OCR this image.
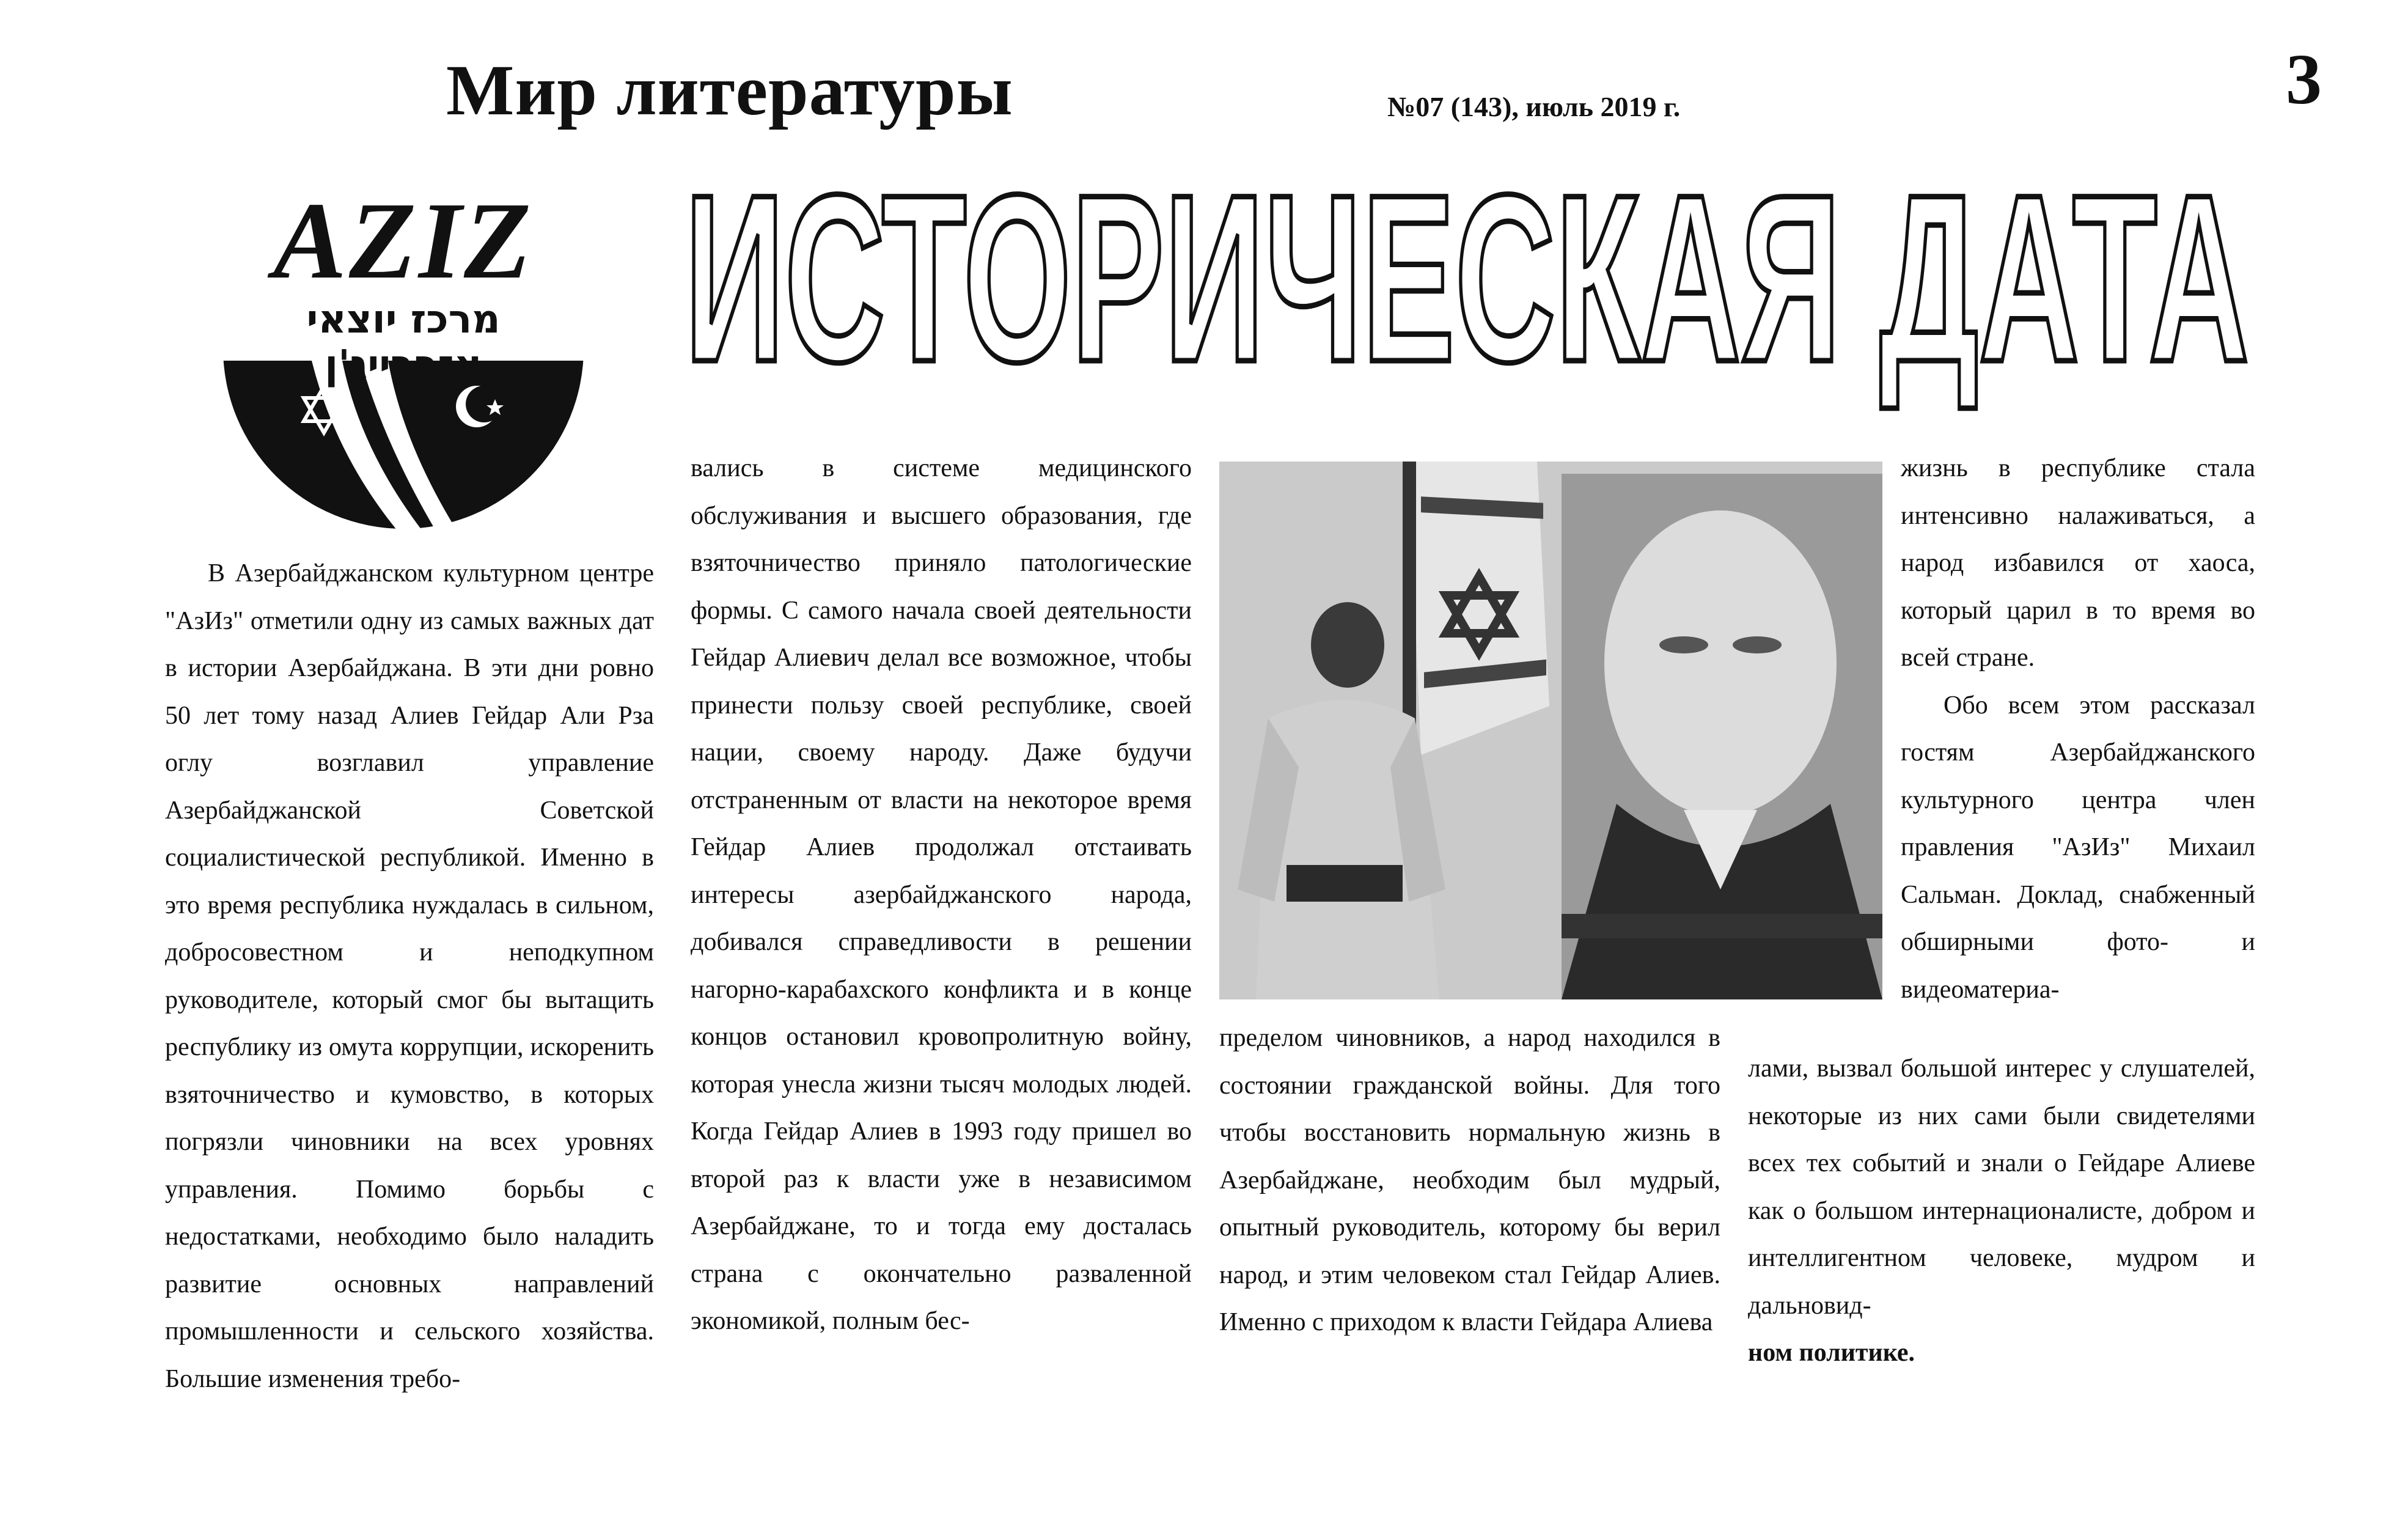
Мир литературы	№07 (143), июль 2019 г.	3
ИСТОРИЧЕСКАЯ ДАТА
AZIZ
מרכז יוצאי אזרבייג'ן

В Азербайджанском культурном центре "АзИз" отметили одну из самых важных дат в истории Азербайджана. В эти дни ровно 50 лет тому назад Алиев Гейдар Али Рза оглу возглавил управление Азербайджанской Советской социалистической республикой. Именно в это время республика нуждалась в сильном, добросовестном и неподкупном руководителе, который смог бы вытащить республику из омута коррупции, искоренить взяточничество и кумовство, в которых погрязли чиновники на всех уровнях управления. Помимо борьбы с недостатками, необходимо было наладить развитие основных направлений промышленности и сельского хозяйства. Большие изменения требо-

вались в системе медицинского обслуживания и высшего образования, где взяточничество приняло патологические формы. С самого начала своей деятельности Гейдар Алиевич делал все возможное, чтобы принести пользу своей республике, своей нации, своему народу. Даже будучи отстраненным от власти на некоторое время Гейдар Алиев продолжал отстаивать интересы азербайджанского народа, добивался справедливости в решении нагорно-карабахского конфликта и в конце концов остановил кровопролитную войну, которая унесла жизни тысяч молодых людей. Когда Гейдар Алиев в 1993 году пришел во второй раз к власти уже в независимом Азербайджане, то и тогда ему досталась страна с окончательно разваленной экономикой, полным бес-

пределом чиновников, а народ находился в состоянии гражданской войны. Для того чтобы восстановить нормальную жизнь в Азербайджане, необходим был мудрый, опытный руководитель, которому бы верил народ, и этим человеком стал Гейдар Алиев. Именно с приходом к власти Гейдара Алиева

жизнь в республике стала интенсивно налаживаться, а народ избавился от хаоса, который царил в то время во всей стране.

Обо всем этом рассказал гостям Азербайджанского культурного центра член правления "АзИз" Михаил Сальман. Доклад, снабженный обширными фото- и видеоматериа-

лами, вызвал большой интерес у слушателей, некоторые из них сами были свидетелями всех тех событий и знали о Гейдаре Алиеве как о большом интернационалисте, добром и интеллигентном человеке, мудром и дальновид-

ном политике.
